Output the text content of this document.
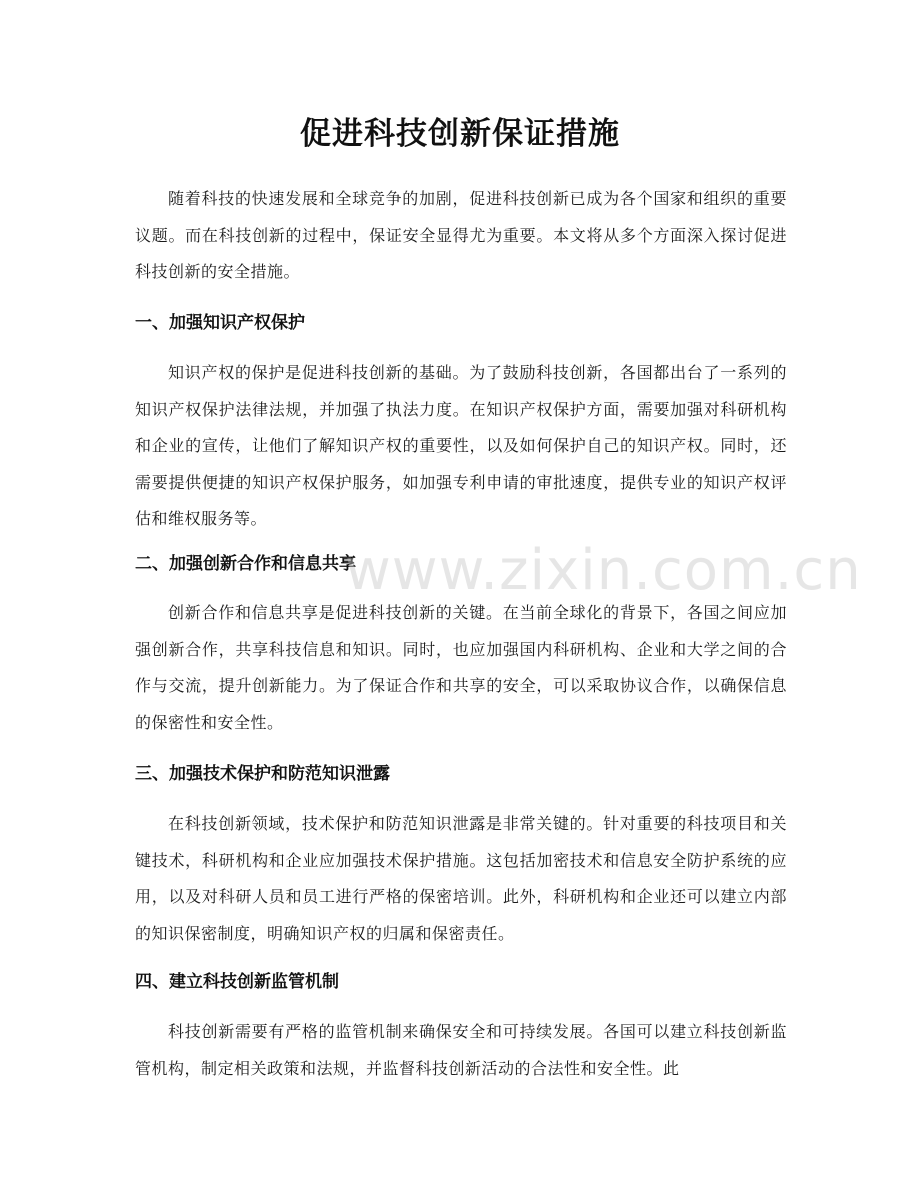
促进科技创新保证措施

随着科技的快速发展和全球竞争的加剧，促进科技创新已成为各个国家和组织的重要议题。而在科技创新的过程中，保证安全显得尤为重要。本文将从多个方面深入探讨促进科技创新的安全措施。

一、加强知识产权保护

知识产权的保护是促进科技创新的基础。为了鼓励科技创新，各国都出台了一系列的知识产权保护法律法规，并加强了执法力度。在知识产权保护方面，需要加强对科研机构和企业的宣传，让他们了解知识产权的重要性，以及如何保护自己的知识产权。同时，还需要提供便捷的知识产权保护服务，如加强专利申请的审批速度，提供专业的知识产权评估和维权服务等。

二、加强创新合作和信息共享

创新合作和信息共享是促进科技创新的关键。在当前全球化的背景下，各国之间应加强创新合作，共享科技信息和知识。同时，也应加强国内科研机构、企业和大学之间的合作与交流，提升创新能力。为了保证合作和共享的安全，可以采取协议合作，以确保信息的保密性和安全性。

三、加强技术保护和防范知识泄露

在科技创新领域，技术保护和防范知识泄露是非常关键的。针对重要的科技项目和关键技术，科研机构和企业应加强技术保护措施。这包括加密技术和信息安全防护系统的应用，以及对科研人员和员工进行严格的保密培训。此外，科研机构和企业还可以建立内部的知识保密制度，明确知识产权的归属和保密责任。

四、建立科技创新监管机制

科技创新需要有严格的监管机制来确保安全和可持续发展。各国可以建立科技创新监管机构，制定相关政策和法规，并监督科技创新活动的合法性和安全性。此

www.zixin.com.cn
